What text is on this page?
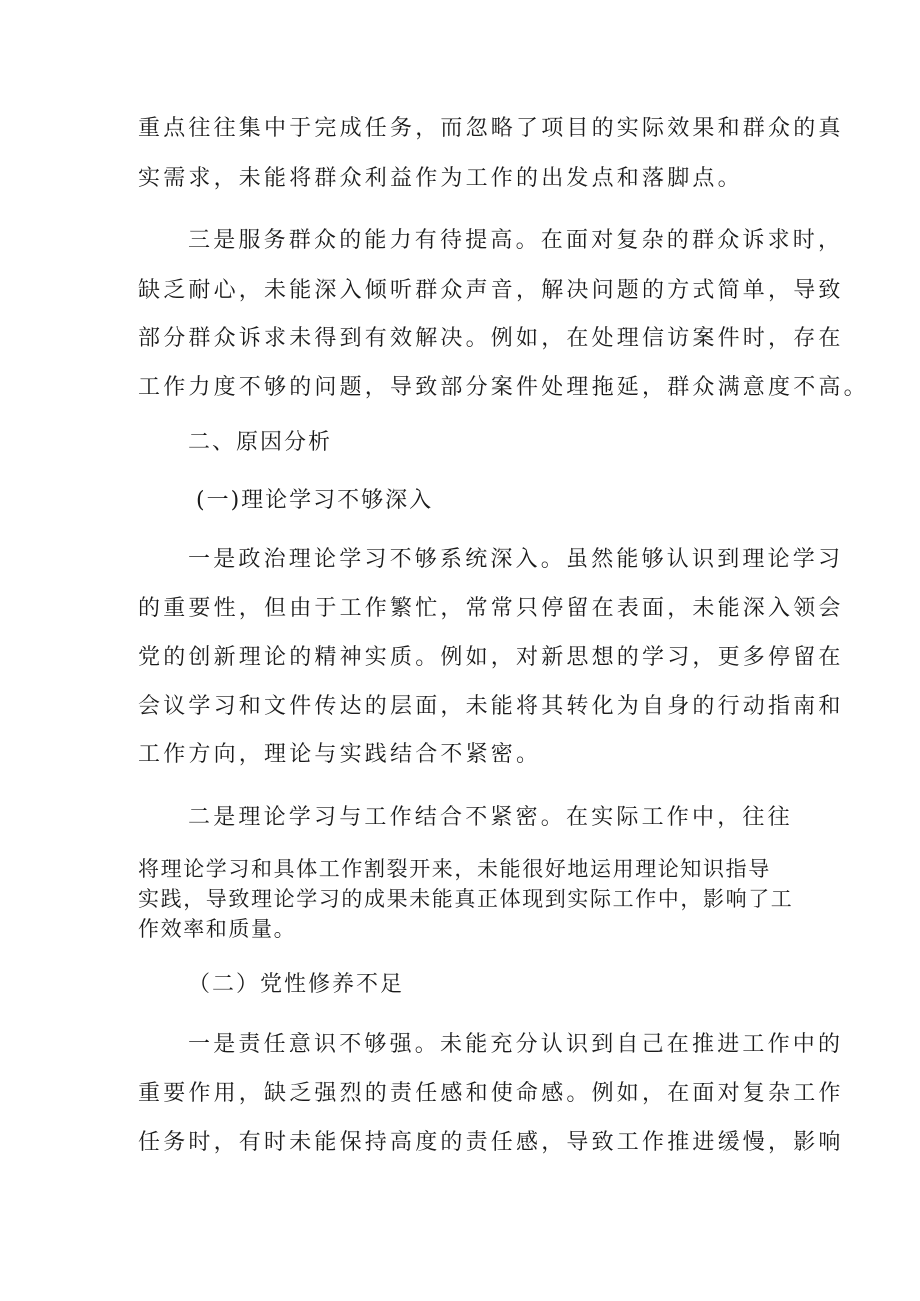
重点往往集中于完成任务，而忽略了项目的实际效果和群众的真
实需求，未能将群众利益作为工作的出发点和落脚点。
三是服务群众的能力有待提高。在面对复杂的群众诉求时，
缺乏耐心，未能深入倾听群众声音，解决问题的方式简单，导致
部分群众诉求未得到有效解决。例如，在处理信访案件时，存在
工作力度不够的问题，导致部分案件处理拖延，群众满意度不高。
二、原因分析
(一)理论学习不够深入
一是政治理论学习不够系统深入。虽然能够认识到理论学习
的重要性，但由于工作繁忙，常常只停留在表面，未能深入领会
党的创新理论的精神实质。例如，对新思想的学习，更多停留在
会议学习和文件传达的层面，未能将其转化为自身的行动指南和
工作方向，理论与实践结合不紧密。
二是理论学习与工作结合不紧密。在实际工作中，往往
将理论学习和具体工作割裂开来，未能很好地运用理论知识指导
实践，导致理论学习的成果未能真正体现到实际工作中，影响了工
作效率和质量。
（二）党性修养不足
一是责任意识不够强。未能充分认识到自己在推进工作中的
重要作用，缺乏强烈的责任感和使命感。例如，在面对复杂工作
任务时，有时未能保持高度的责任感，导致工作推进缓慢，影响
